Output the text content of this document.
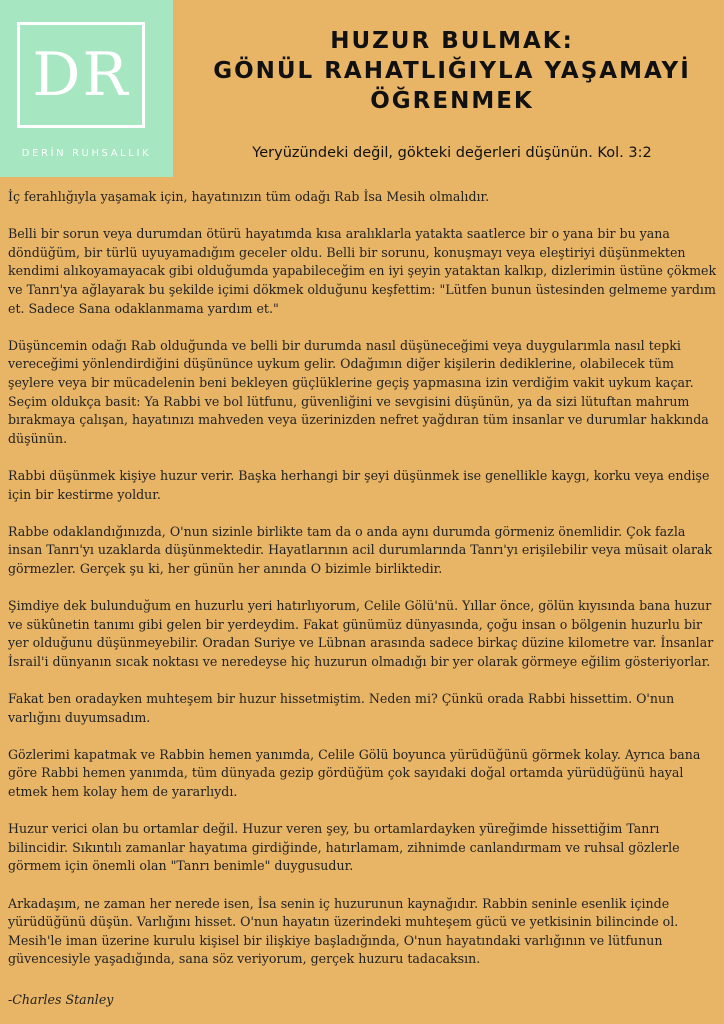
DR
DERİN RUHSALLIK
HUZUR BULMAK:
GÖNÜL RAHATLIĞIYLA YAŞAMAYİ
ÖĞRENMEK
Yeryüzündeki değil, gökteki değerleri düşünün. Kol. 3:2

İç ferahlığıyla yaşamak için, hayatınızın tüm odağı Rab İsa Mesih olmalıdır.

Belli bir sorun veya durumdan ötürü hayatımda kısa aralıklarla yatakta saatlerce bir o yana bir bu yana döndüğüm, bir türlü uyuyamadığım geceler oldu. Belli bir sorunu, konuşmayı veya eleştiriyi düşünmekten kendimi alıkoyamayacak gibi olduğumda yapabileceğim en iyi şeyin yataktan kalkıp, dizlerimin üstüne çökmek ve Tanrı'ya ağlayarak bu şekilde içimi dökmek olduğunu keşfettim: "Lütfen bunun üstesinden gelmeme yardım et. Sadece Sana odaklanmama yardım et."

Düşüncemin odağı Rab olduğunda ve belli bir durumda nasıl düşüneceğimi veya duygularımla nasıl tepki vereceğimi yönlendirdiğini düşününce uykum gelir. Odağımın diğer kişilerin dediklerine, olabilecek tüm şeylere veya bir mücadelenin beni bekleyen güçlüklerine geçiş yapmasına izin verdiğim vakit uykum kaçar. Seçim oldukça basit: Ya Rabbi ve bol lütfunu, güvenliğini ve sevgisini düşünün, ya da sizi lütuftan mahrum bırakmaya çalışan, hayatınızı mahveden veya üzerinizden nefret yağdıran tüm insanlar ve durumlar hakkında düşünün.

Rabbi düşünmek kişiye huzur verir. Başka herhangi bir şeyi düşünmek ise genellikle kaygı, korku veya endişe için bir kestirme yoldur.

Rabbe odaklandığınızda, O'nun sizinle birlikte tam da o anda aynı durumda görmeniz önemlidir. Çok fazla insan Tanrı'yı uzaklarda düşünmektedir. Hayatlarının acil durumlarında Tanrı'yı erişilebilir veya müsait olarak görmezler. Gerçek şu ki, her günün her anında O bizimle birliktedir.

Şimdiye dek bulunduğum en huzurlu yeri hatırlıyorum, Celile Gölü'nü. Yıllar önce, gölün kıyısında bana huzur ve sükûnetin tanımı gibi gelen bir yerdeydim. Fakat günümüz dünyasında, çoğu insan o bölgenin huzurlu bir yer olduğunu düşünmeyebilir. Oradan Suriye ve Lübnan arasında sadece birkaç düzine kilometre var. İnsanlar İsrail'i dünyanın sıcak noktası ve neredeyse hiç huzurun olmadığı bir yer olarak görmeye eğilim gösteriyorlar.

Fakat ben oradayken muhteşem bir huzur hissetmiştim. Neden mi? Çünkü orada Rabbi hissettim. O'nun varlığını duyumsadım.

Gözlerimi kapatmak ve Rabbin hemen yanımda, Celile Gölü boyunca yürüdüğünü görmek kolay. Ayrıca bana göre Rabbi hemen yanımda, tüm dünyada gezip gördüğüm çok sayıdaki doğal ortamda yürüdüğünü hayal etmek hem kolay hem de yararlıydı.

Huzur verici olan bu ortamlar değil. Huzur veren şey, bu ortamlardayken yüreğimde hissettiğim Tanrı bilincidir. Sıkıntılı zamanlar hayatıma girdiğinde, hatırlamam, zihnimde canlandırmam ve ruhsal gözlerle görmem için önemli olan "Tanrı benimle" duygusudur.

Arkadaşım, ne zaman her nerede isen, İsa senin iç huzurunun kaynağıdır. Rabbin seninle esenlik içinde yürüdüğünü düşün. Varlığını hisset. O'nun hayatın üzerindeki muhteşem gücü ve yetkisinin bilincinde ol. Mesih'le iman üzerine kurulu kişisel bir ilişkiye başladığında, O'nun hayatındaki varlığının ve lütfunun güvencesiyle yaşadığında, sana söz veriyorum, gerçek huzuru tadacaksın.

-Charles Stanley
